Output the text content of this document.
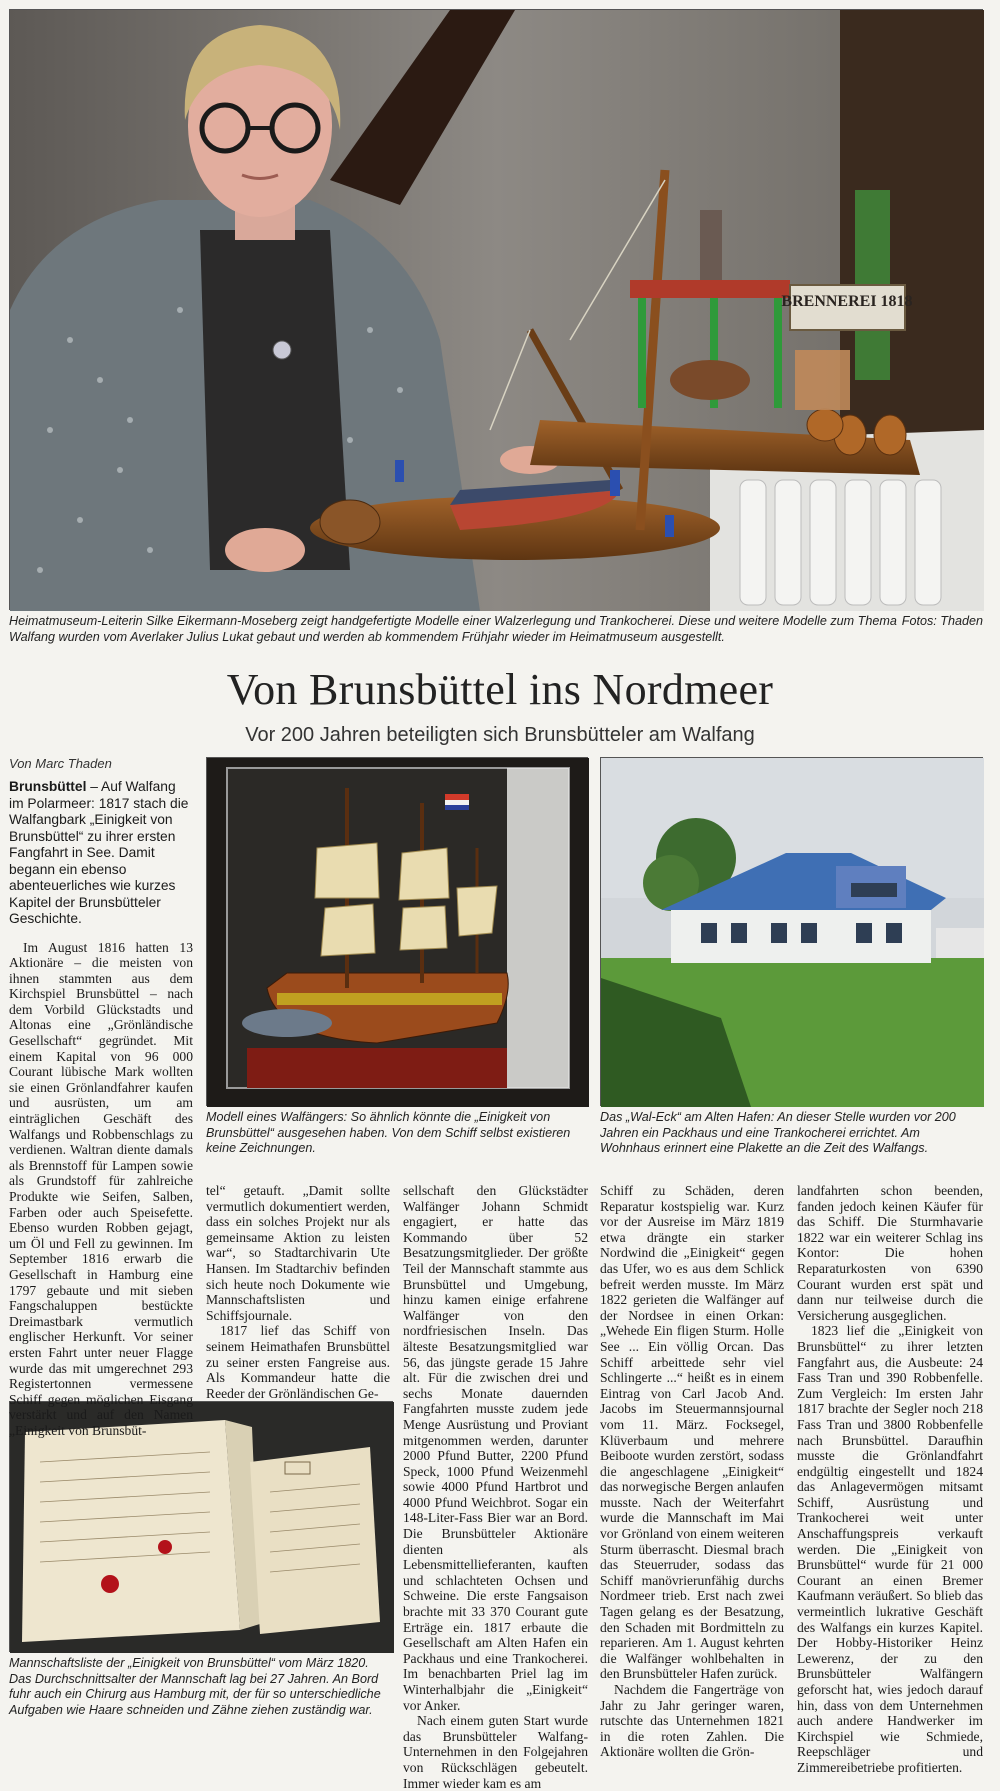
BRENNEREI 1818
Fotos: Thaden
Heimatmuseum-Leiterin Silke Eikermann-Moseberg zeigt handgefertigte Modelle einer Walzerlegung und Trankocherei. Diese und weitere Modelle zum Thema Walfang wurden vom Averlaker Julius Lukat gebaut und werden ab kommendem Frühjahr wieder im Heimatmuseum ausgestellt.
Von Brunsbüttel ins Nordmeer
Vor 200 Jahren beteiligten sich Brunsbütteler am Walfang
Von Marc Thaden
Modell eines Walfängers: So ähnlich könnte die „Einigkeit von Brunsbüttel“ ausgesehen haben. Von dem Schiff selbst existieren keine Zeichnungen.
Das „Wal-Eck“ am Alten Hafen: An dieser Stelle wurden vor 200 Jahren ein Packhaus und eine Trankocherei errichtet. Am Wohnhaus erinnert eine Plakette an die Zeit des Walfangs.
Mannschaftsliste der „Einigkeit von Brunsbüttel“ vom März 1820. Das Durchschnittsalter der Mannschaft lag bei 27 Jahren. An Bord fuhr auch ein Chirurg aus Hamburg mit, der für so unterschiedliche Aufgaben wie Haare schneiden und Zähne ziehen zuständig war.

Brunsbüttel – Auf Walfang im Polarmeer: 1817 stach die Walfangbark „Einigkeit von Brunsbüttel“ zu ihrer ersten Fangfahrt in See. Damit begann ein ebenso abenteuerliches wie kurzes Kapitel der Brunsbütteler Geschichte.

Im August 1816 hatten 13 Aktionäre – die meisten von ihnen stammten aus dem Kirchspiel Brunsbüttel – nach dem Vorbild Glückstadts und Altonas eine „Grönländische Gesellschaft“ gegründet. Mit einem Kapital von 96 000 Courant lübische Mark wollten sie einen Grönlandfahrer kaufen und ausrüsten, um am einträglichen Geschäft des Walfangs und Robbenschlags zu verdienen. Waltran diente damals als Brennstoff für Lampen sowie als Grundstoff für zahlreiche Produkte wie Seifen, Salben, Farben oder auch Speisefette. Ebenso wurden Robben gejagt, um Öl und Fell zu gewinnen. Im September 1816 erwarb die Gesellschaft in Hamburg eine 1797 gebaute und mit sieben Fangschaluppen bestückte Dreimastbark vermutlich englischer Herkunft. Vor seiner ersten Fahrt unter neuer Flagge wurde das mit umgerechnet 293 Registertonnen vermessene Schiff gegen möglichen Eisgang verstärkt und auf den Namen „Einigkeit von Brunsbüt-

tel“ getauft. „Damit sollte vermutlich dokumentiert werden, dass ein solches Projekt nur als gemeinsame Aktion zu leisten war“, so Stadtarchivarin Ute Hansen. Im Stadtarchiv befinden sich heute noch Dokumente wie Mannschaftslisten und Schiffsjournale.

1817 lief das Schiff von seinem Heimathafen Brunsbüttel zu seiner ersten Fangreise aus. Als Kommandeur hatte die Reeder der Grönländischen Ge-

sellschaft den Glückstädter Walfänger Johann Schmidt engagiert, er hatte das Kommando über 52 Besatzungsmitglieder. Der größte Teil der Mannschaft stammte aus Brunsbüttel und Umgebung, hinzu kamen einige erfahrene Walfänger von den nordfriesischen Inseln. Das älteste Besatzungsmitglied war 56, das jüngste gerade 15 Jahre alt. Für die zwischen drei und sechs Monate dauernden Fangfahrten musste zudem jede Menge Ausrüstung und Proviant mitgenommen werden, darunter 2000 Pfund Butter, 2200 Pfund Speck, 1000 Pfund Weizenmehl sowie 4000 Pfund Hartbrot und 4000 Pfund Weichbrot. Sogar ein 148-Liter-Fass Bier war an Bord. Die Brunsbütteler Aktionäre dienten als Lebensmittellieferanten, kauften und schlachteten Ochsen und Schweine. Die erste Fangsaison brachte mit 33 370 Courant gute Erträge ein. 1817 erbaute die Gesellschaft am Alten Hafen ein Packhaus und eine Trankocherei. Im benachbarten Priel lag im Winterhalbjahr die „Einigkeit“ vor Anker.

Nach einem guten Start wurde das Brunsbütteler Walfang-Unternehmen in den Folgejahren von Rückschlägen gebeutelt. Immer wieder kam es am

Schiff zu Schäden, deren Reparatur kostspielig war. Kurz vor der Ausreise im März 1819 etwa drängte ein starker Nordwind die „Einigkeit“ gegen das Ufer, wo es aus dem Schlick befreit werden musste. Im März 1822 gerieten die Walfänger auf der Nordsee in einen Orkan: „Wehede Ein fligen Sturm. Holle See ... Ein völlig Orcan. Das Schiff arbeittede sehr viel Schlingerte ...“ heißt es in einem Eintrag von Carl Jacob And. Jacobs im Steuermannsjournal vom 11. März. Focksegel, Klüverbaum und mehrere Beiboote wurden zerstört, sodass die angeschlagene „Einigkeit“ das norwegische Bergen anlaufen musste. Nach der Weiterfahrt wurde die Mannschaft im Mai vor Grönland von einem weiteren Sturm überrascht. Diesmal brach das Steuerruder, sodass das Schiff manövrierunfähig durchs Nordmeer trieb. Erst nach zwei Tagen gelang es der Besatzung, den Schaden mit Bordmitteln zu reparieren. Am 1. August kehrten die Walfänger wohlbehalten in den Brunsbütteler Hafen zurück.

Nachdem die Fangerträge von Jahr zu Jahr geringer waren, rutschte das Unternehmen 1821 in die roten Zahlen. Die Aktionäre wollten die Grön-

landfahrten schon beenden, fanden jedoch keinen Käufer für das Schiff. Die Sturmhavarie 1822 war ein weiterer Schlag ins Kontor: Die hohen Reparaturkosten von 6390 Courant wurden erst spät und dann nur teilweise durch die Versicherung ausgeglichen.

1823 lief die „Einigkeit von Brunsbüttel“ zu ihrer letzten Fangfahrt aus, die Ausbeute: 24 Fass Tran und 390 Robbenfelle. Zum Vergleich: Im ersten Jahr 1817 brachte der Segler noch 218 Fass Tran und 3800 Robbenfelle nach Brunsbüttel. Daraufhin musste die Grönlandfahrt endgültig eingestellt und 1824 das Anlagevermögen mitsamt Schiff, Ausrüstung und Trankocherei weit unter Anschaffungspreis verkauft werden. Die „Einigkeit von Brunsbüttel“ wurde für 21 000 Courant an einen Bremer Kaufmann veräußert. So blieb das vermeintlich lukrative Geschäft des Walfangs ein kurzes Kapitel. Der Hobby-Historiker Heinz Lewerenz, der zu den Brunsbütteler Walfängern geforscht hat, wies jedoch darauf hin, dass von dem Unternehmen auch andere Handwerker im Kirchspiel wie Schmiede, Reepschläger und Zimmereibetriebe profitierten.
